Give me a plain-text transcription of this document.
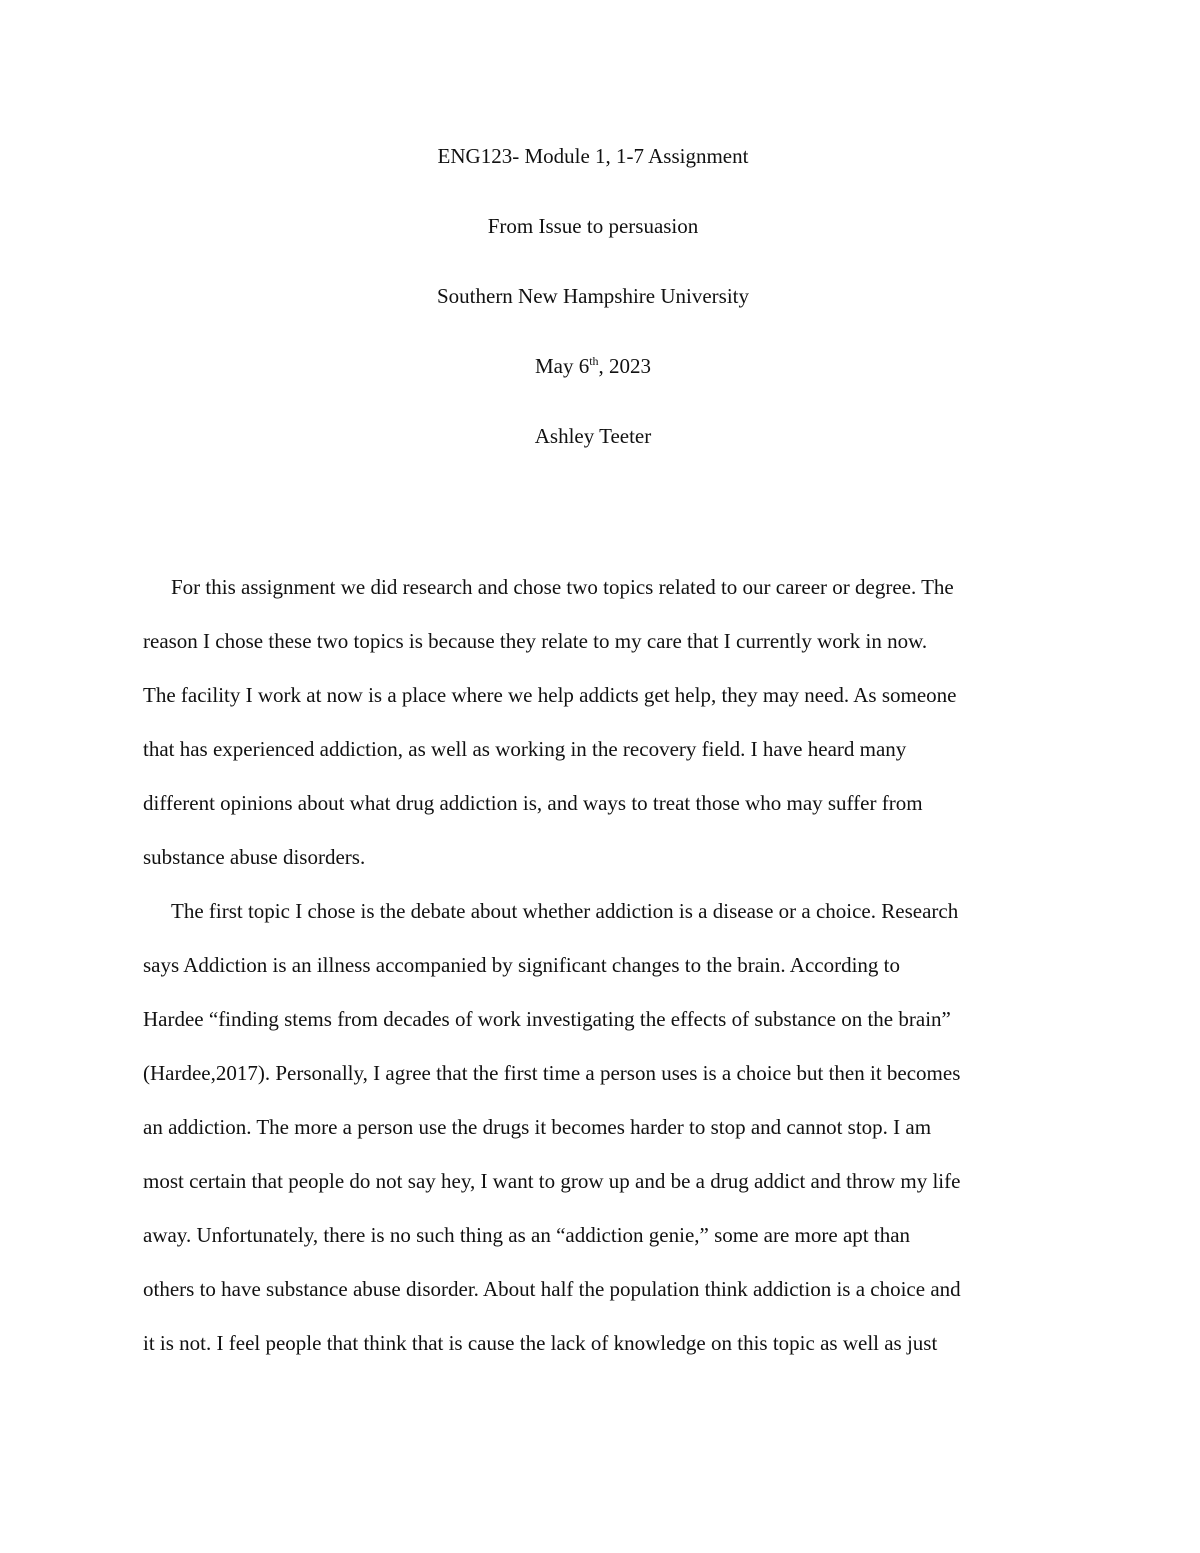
ENG123- Module 1, 1-7 Assignment
From Issue to persuasion
Southern New Hampshire University
May 6th, 2023
Ashley Teeter
For this assignment we did research and chose two topics related to our career or degree. The
reason I chose these two topics is because they relate to my care that I currently work in now.
The facility I work at now is a place where we help addicts get help, they may need. As someone
that has experienced addiction, as well as working in the recovery field. I have heard many
different opinions about what drug addiction is, and ways to treat those who may suffer from
substance abuse disorders.
The first topic I chose is the debate about whether addiction is a disease or a choice. Research
says Addiction is an illness accompanied by significant changes to the brain. According to
Hardee “finding stems from decades of work investigating the effects of substance on the brain”
(Hardee,2017). Personally, I agree that the first time a person uses is a choice but then it becomes
an addiction. The more a person use the drugs it becomes harder to stop and cannot stop. I am
most certain that people do not say hey, I want to grow up and be a drug addict and throw my life
away. Unfortunately, there is no such thing as an “addiction genie,” some are more apt than
others to have substance abuse disorder. About half the population think addiction is a choice and
it is not. I feel people that think that is cause the lack of knowledge on this topic as well as just
